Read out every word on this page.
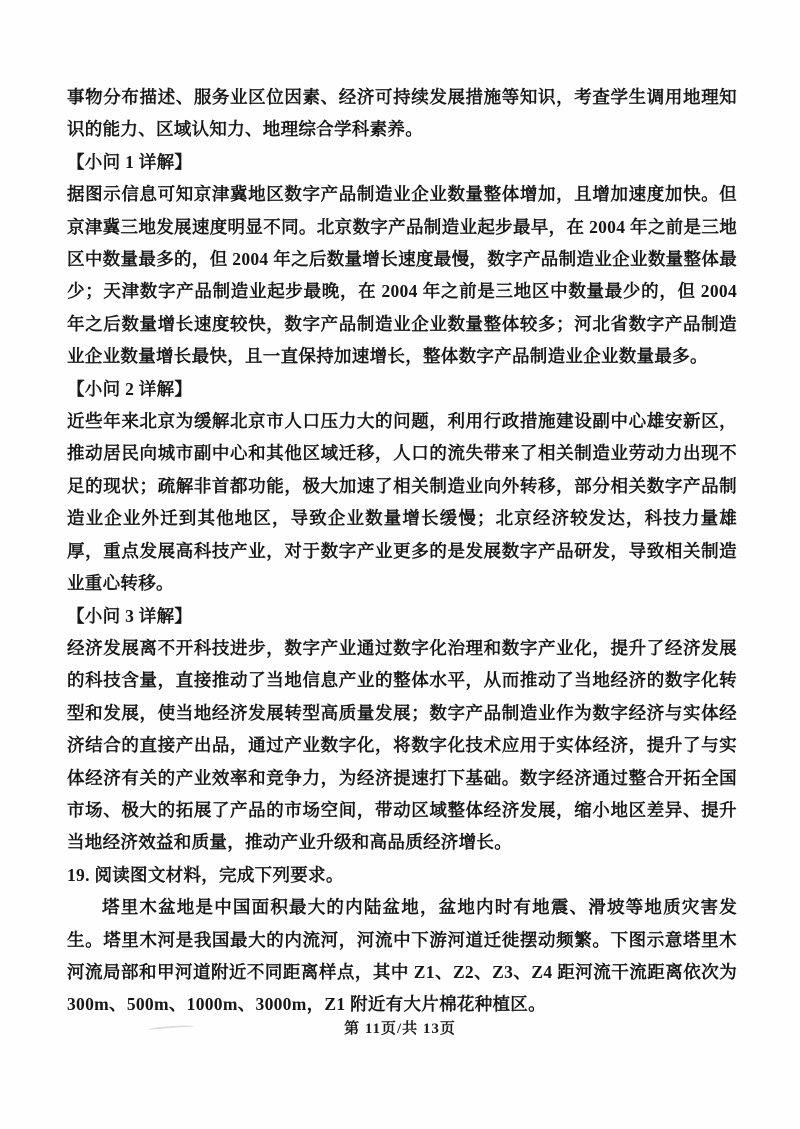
事物分布描述、服务业区位因素、经济可持续发展措施等知识，考查学生调用地理知识的能力、区域认知力、地理综合学科素养。

【小问 1 详解】

据图示信息可知京津冀地区数字产品制造业企业数量整体增加，且增加速度加快。但京津冀三地发展速度明显不同。北京数字产品制造业起步最早，在 2004 年之前是三地区中数量最多的，但 2004 年之后数量增长速度最慢，数字产品制造业企业数量整体最少；天津数字产品制造业起步最晚，在 2004 年之前是三地区中数量最少的，但 2004 年之后数量增长速度较快，数字产品制造业企业数量整体较多；河北省数字产品制造业企业数量增长最快，且一直保持加速增长，整体数字产品制造业企业数量最多。

【小问 2 详解】

近些年来北京为缓解北京市人口压力大的问题，利用行政措施建设副中心雄安新区，推动居民向城市副中心和其他区域迁移，人口的流失带来了相关制造业劳动力出现不足的现状；疏解非首都功能，极大加速了相关制造业向外转移，部分相关数字产品制造业企业外迁到其他地区，导致企业数量增长缓慢；北京经济较发达，科技力量雄厚，重点发展高科技产业，对于数字产业更多的是发展数字产品研发，导致相关制造业重心转移。

【小问 3 详解】

经济发展离不开科技进步，数字产业通过数字化治理和数字产业化，提升了经济发展的科技含量，直接推动了当地信息产业的整体水平，从而推动了当地经济的数字化转型和发展，使当地经济发展转型高质量发展；数字产品制造业作为数字经济与实体经济结合的直接产出品，通过产业数字化，将数字化技术应用于实体经济，提升了与实体经济有关的产业效率和竞争力，为经济提速打下基础。数字经济通过整合开拓全国市场、极大的拓展了产品的市场空间，带动区域整体经济发展，缩小地区差异、提升当地经济效益和质量，推动产业升级和高品质经济增长。

19. 阅读图文材料，完成下列要求。

塔里木盆地是中国面积最大的内陆盆地，盆地内时有地震、滑坡等地质灾害发生。塔里木河是我国最大的内流河，河流中下游河道迁徙摆动频繁。下图示意塔里木河流局部和甲河道附近不同距离样点，其中 Z1、Z2、Z3、Z4 距河流干流距离依次为 300m、500m、1000m、3000m，Z1 附近有大片棉花种植区。

第 11页/共 13页
